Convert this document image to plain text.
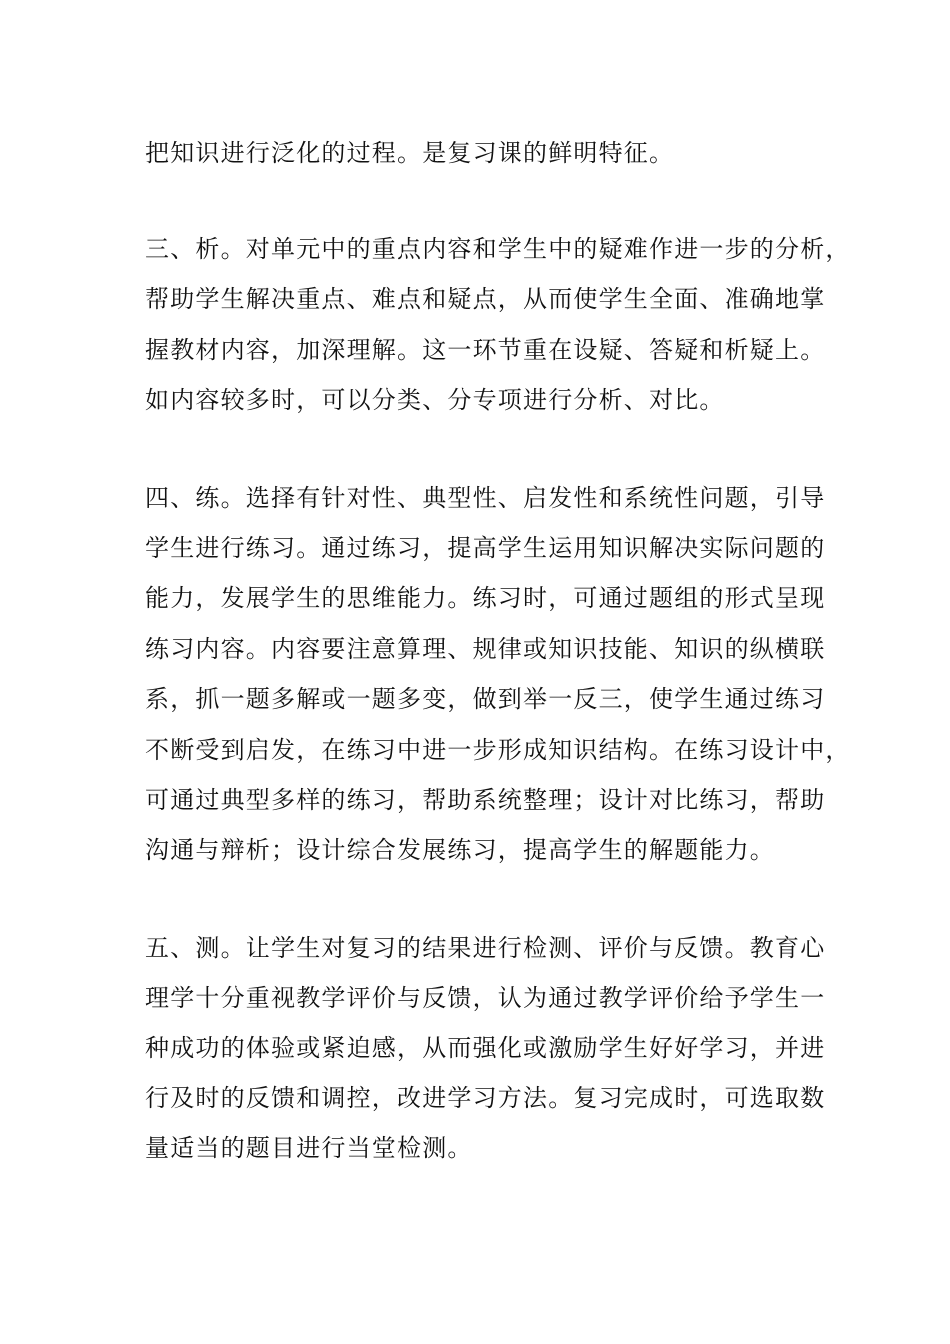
把知识进行泛化的过程。是复习课的鲜明特征。
三、析。对单元中的重点内容和学生中的疑难作进一步的分析，
帮助学生解决重点、难点和疑点，从而使学生全面、准确地掌
握教材内容，加深理解。这一环节重在设疑、答疑和析疑上。
如内容较多时，可以分类、分专项进行分析、对比。
四、练。选择有针对性、典型性、启发性和系统性问题，引导
学生进行练习。通过练习，提高学生运用知识解决实际问题的
能力，发展学生的思维能力。练习时，可通过题组的形式呈现
练习内容。内容要注意算理、规律或知识技能、知识的纵横联
系，抓一题多解或一题多变，做到举一反三，使学生通过练习
不断受到启发，在练习中进一步形成知识结构。在练习设计中，
可通过典型多样的练习，帮助系统整理；设计对比练习，帮助
沟通与辩析；设计综合发展练习，提高学生的解题能力。
五、测。让学生对复习的结果进行检测、评价与反馈。教育心
理学十分重视教学评价与反馈，认为通过教学评价给予学生一
种成功的体验或紧迫感，从而强化或激励学生好好学习，并进
行及时的反馈和调控，改进学习方法。复习完成时，可选取数
量适当的题目进行当堂检测。
